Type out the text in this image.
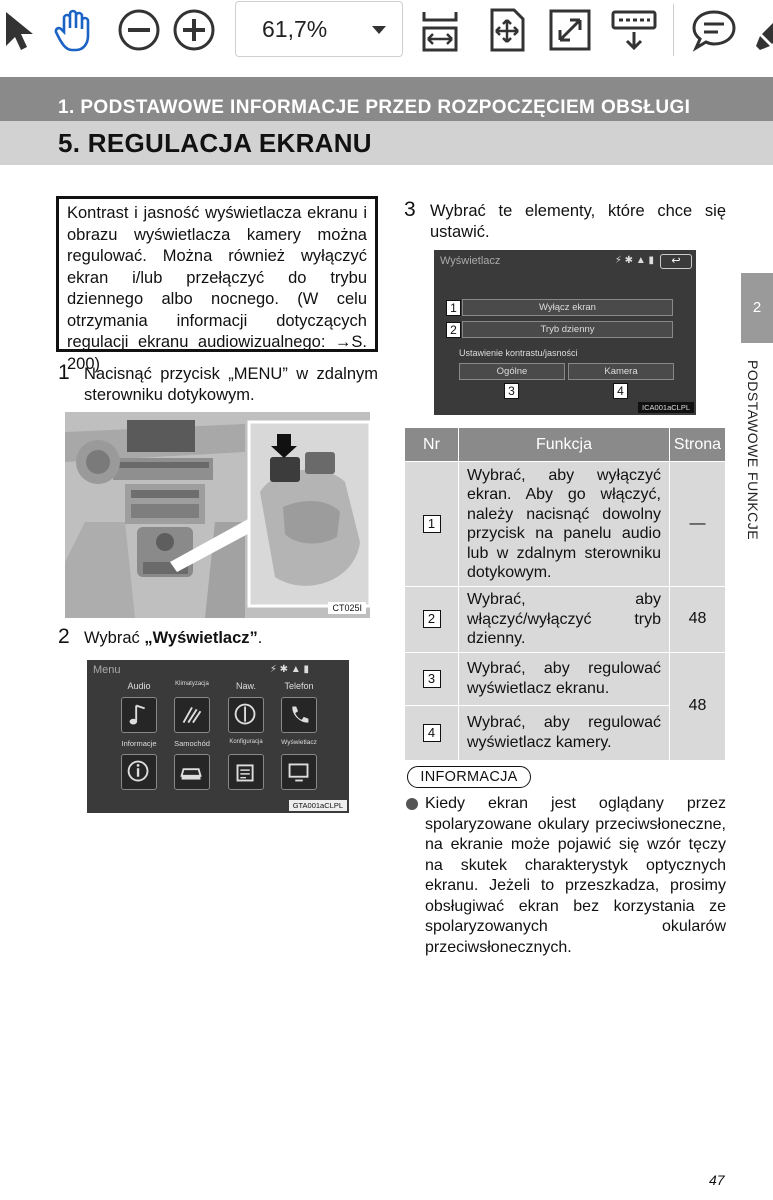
61,7%
1. PODSTAWOWE INFORMACJE PRZED ROZPOCZĘCIEM OBSŁUGI
5. REGULACJA EKRANU
2
PODSTAWOWE FUNKCJE
Kontrast i jasność wyświetlacza ekranu i obrazu wyświetlacza kamery można regulować. Można również wyłączyć ekran i/lub przełączyć do trybu dziennego albo nocnego. (W celu otrzymania informacji dotyczących regulacji ekranu audiowizualnego: →S. 200)
1 Nacisnąć przycisk „MENU” w zdalnym sterowniku dotykowym.
CT025I
2 Wybrać „Wyświetlacz”.
Menu	⚡ ✱ ▲ ▮
Audio	Klimatyzacja	Naw.	Telefon
Informacje	Samochód	Konfiguracja	Wyświetlacz
GTA001aCLPL
3 Wybrać te elementy, które chce się ustawić.
Wyświetlacz	⚡ ✱ ▲ ▮	↩
Wyłącz ekran
Tryb dzienny
Ustawienie kontrastu/jasności
Ogólne	Kamera
1
2
3	4
ICA001aCLPL
Nr	Funkcja	Strona
1	Wybrać, aby wyłączyć ekran. Aby go włączyć, należy nacisnąć dowolny przycisk na panelu audio lub w zdalnym sterowniku dotykowym.	—
2	Wybrać, aby włączyć/wyłączyć tryb dzienny.	48
3	Wybrać, aby regulować wyświetlacz ekranu.	48
4	Wybrać, aby regulować wyświetlacz kamery.	
INFORMACJA
Kiedy ekran jest oglądany przez spolaryzowane okulary przeciwsłoneczne, na ekranie może pojawić się wzór tęczy na skutek charakterystyk optycznych ekranu. Jeżeli to przeszkadza, prosimy obsługiwać ekran bez korzystania ze spolaryzowanych okularów przeciwsłonecznych.
47
